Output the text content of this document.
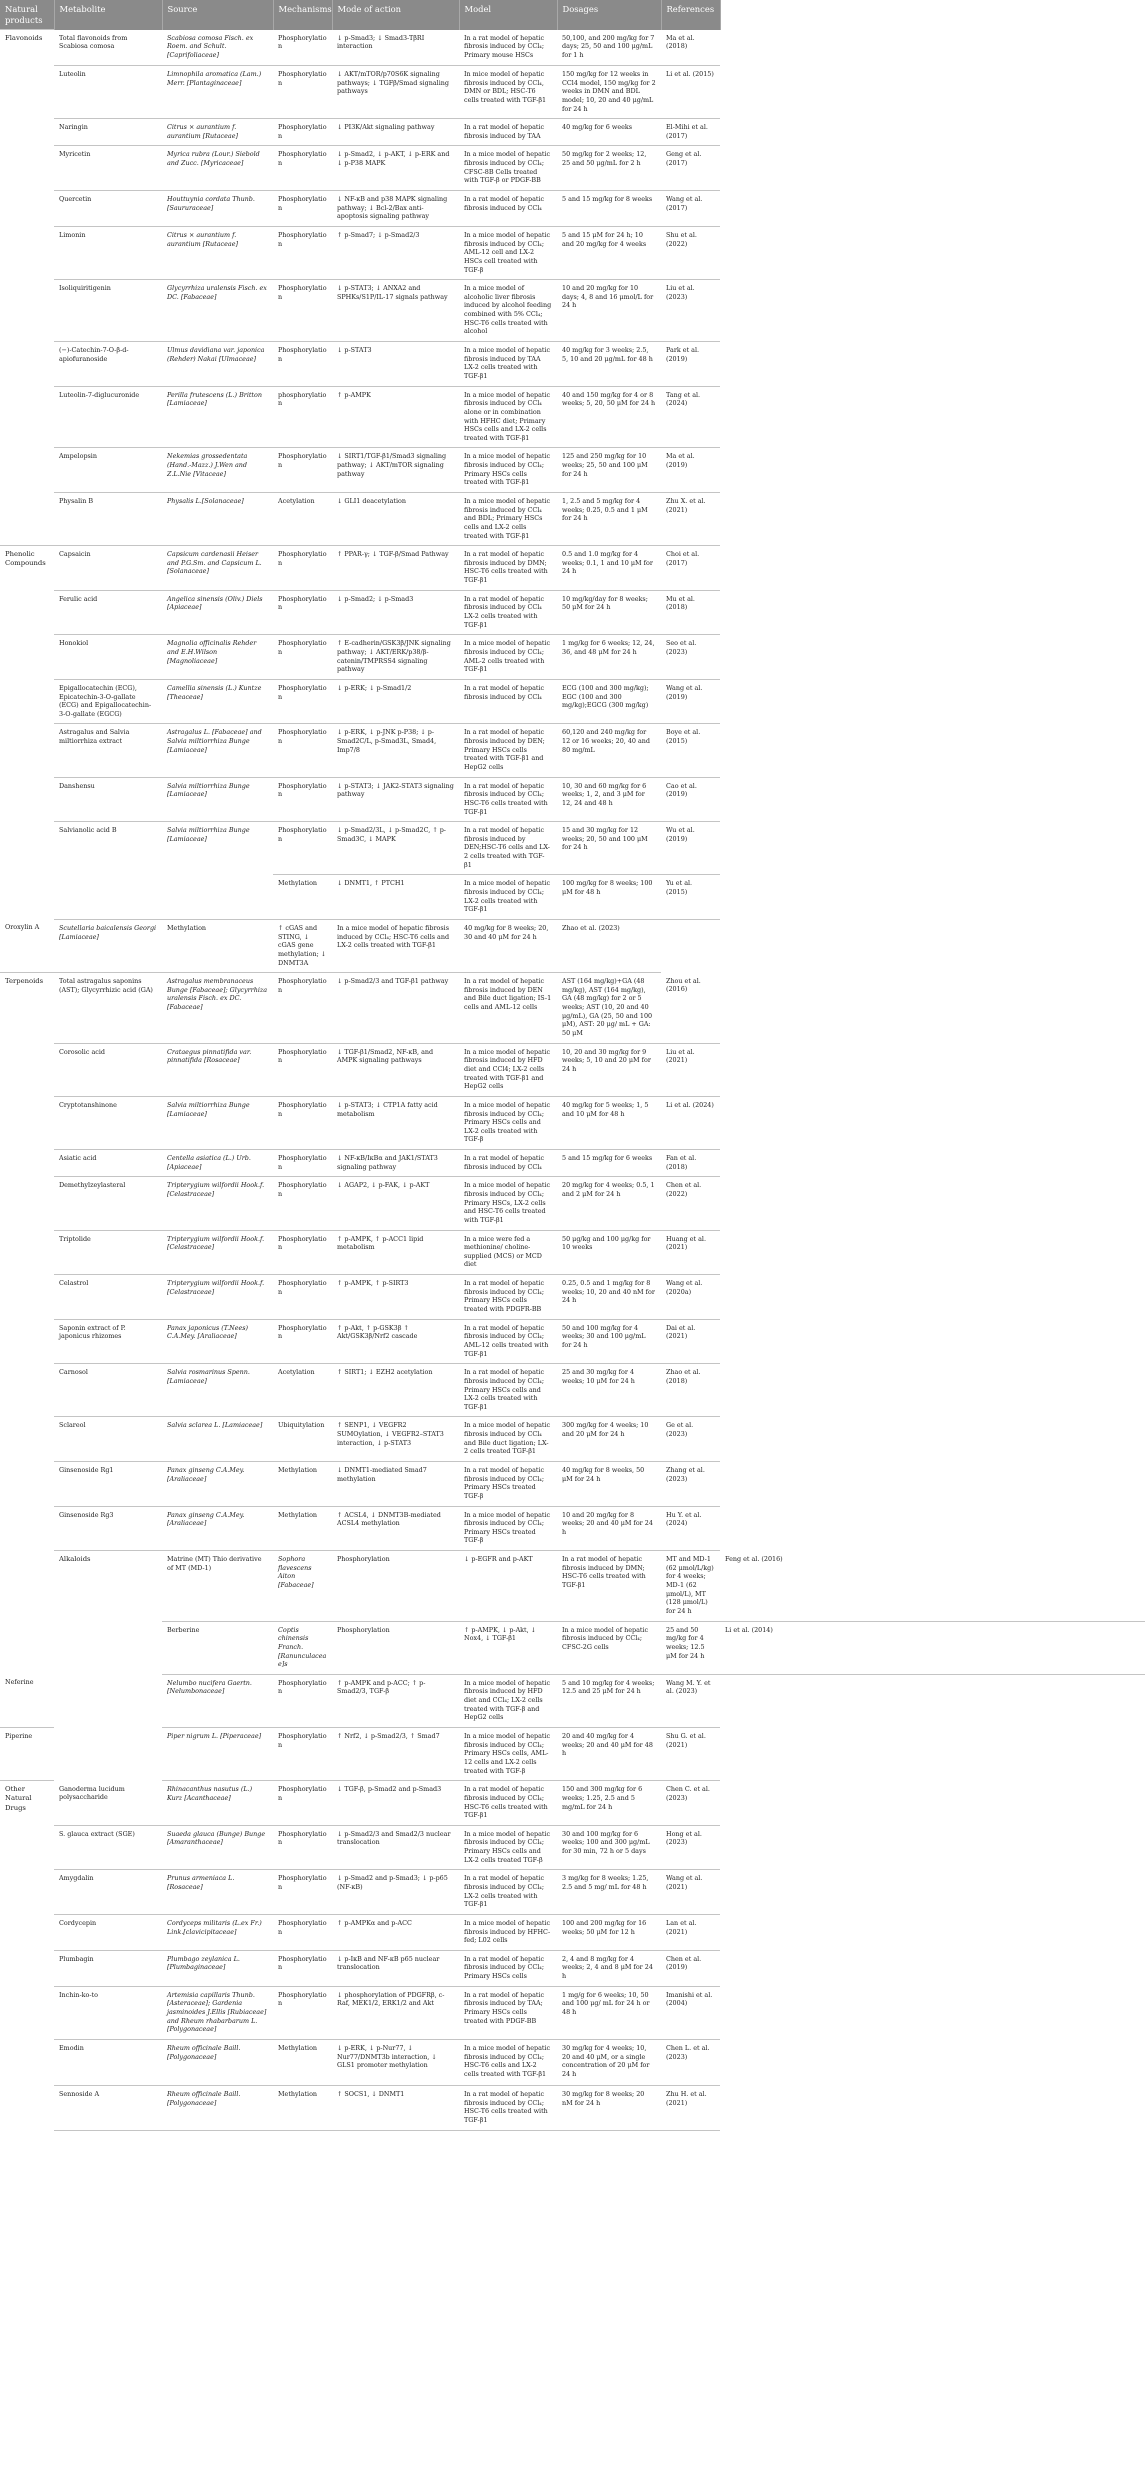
Natural products	Metabolite	Source	Mechanisms	Mode of action	Model	Dosages	References	
Flavonoids	Total flavonoids from Scabiosa comosa	Scabiosa comosa Fisch. ex Roem. and Schult. [Caprifoliaceae]	Phosphorylation	↓ p-Smad3; ↓ Smad3-TβRI interaction	In a rat model of hepatic fibrosis induced by CCl₄; Primary mouse HSCs	50,100, and 200 mg/kg for 7 days; 25, 50 and 100 μg/mL for 1 h	Ma et al. (2018)	
	Luteolin	Limnophila aromatica (Lam.) Merr. [Plantaginaceae]	Phosphorylation	↓ AKT/mTOR/p70S6K signaling pathways; ↓ TGFβ/Smad signaling pathways	In mice model of hepatic fibrosis induced by CCl₄, DMN or BDL; HSC-T6 cells treated with TGF-β1	150 mg/kg for 12 weeks in CCl4 model, 150 mg/kg for 2 weeks in DMN and BDL model; 10, 20 and 40 μg/mL for 24 h	Li et al. (2015)	
	Naringin	Citrus × aurantium f. aurantium [Rutaceae]	Phosphorylation	↓ PI3K/Akt signaling pathway	In a rat model of hepatic fibrosis induced by TAA	40 mg/kg for 6 weeks	El-Mihi et al. (2017)	
	Myricetin	Myrica rubra (Lour.) Siebold and Zucc. [Myricaceae]	Phosphorylation	↓ p-Smad2, ↓ p-AKT, ↓ p-ERK and ↓ p-P38 MAPK	In a mice model of hepatic fibrosis induced by CCl₄; CFSC-8B Cells treated with TGF-β or PDGF-BB	50 mg/kg for 2 weeks; 12, 25 and 50 μg/mL for 2 h	Geng et al. (2017)	
	Quercetin	Houttuynia cordata Thunb. [Saururaceae]	Phosphorylation	↓ NF-κB and p38 MAPK signaling pathway; ↓ Bcl-2/Bax anti-apoptosis signaling pathway	In a rat model of hepatic fibrosis induced by CCl₄	5 and 15 mg/kg for 8 weeks	Wang et al. (2017)	
	Limonin	Citrus × aurantium f. aurantium [Rutaceae]	Phosphorylation	↑ p-Smad7; ↓ p-Smad2/3	In a mice model of hepatic fibrosis induced by CCl₄; AML-12 cell and LX-2 HSCs cell treated with TGF-β	5 and 15 μM for 24 h; 10 and 20 mg/kg for 4 weeks	Shu et al. (2022)	
	Isoliquiritigenin	Glycyrrhiza uralensis Fisch. ex DC. [Fabaceae]	Phosphorylation	↓ p-STAT3; ↓ ANXA2 and SPHKs/S1P/IL-17 signals pathway	In a mice model of alcoholic liver fibrosis induced by alcohol feeding combined with 5% CCl₄; HSC-T6 cells treated with alcohol	10 and 20 mg/kg for 10 days; 4, 8 and 16 μmol/L for 24 h	Liu et al. (2023)	
	(−)-Catechin-7-O-β-d-apiofuranoside	Ulmus davidiana var. japonica (Rehder) Nakai [Ulmaceae]	Phosphorylation	↓ p-STAT3	In a mice model of hepatic fibrosis induced by TAA LX-2 cells treated with TGF-β1	40 mg/kg for 3 weeks; 2.5, 5, 10 and 20 μg/mL for 48 h	Park et al. (2019)	
	Luteolin-7-diglucuronide	Perilla frutescens (L.) Britton [Lamiaceae]	phosphorylation	↑ p-AMPK	In a mice model of hepatic fibrosis induced by CCl₄ alone or in combination with HFHC diet; Primary HSCs cells and LX-2 cells treated with TGF-β1	40 and 150 mg/kg for 4 or 8 weeks; 5, 20, 50 μM for 24 h	Tang et al. (2024)	
	Ampelopsin	Nekemias grossedentata (Hand.-Mazz.) J.Wen and Z.L.Nie [Vitaceae]	Phosphorylation	↓ SIRT1/TGF-β1/Smad3 signaling pathway; ↓ AKT/mTOR signaling pathway	In a mice model of hepatic fibrosis induced by CCl₄; Primary HSCs cells treated with TGF-β1	125 and 250 mg/kg for 10 weeks; 25, 50 and 100 μM for 24 h	Ma et al. (2019)	
	Physalin B	Physalis L.[Solanaceae]	Acetylation	↓ GLI1 deacetylation	In a mice model of hepatic fibrosis induced by CCl₄ and BDL; Primary HSCs cells and LX-2 cells treated with TGF-β1	1, 2.5 and 5 mg/kg for 4 weeks; 0.25, 0.5 and 1 μM for 24 h	Zhu X. et al. (2021)	
Phenolic Compounds	Capsaicin	Capsicum cardenasii Heiser and P.G.Sm. and Capsicum L. [Solanaceae]	Phosphorylation	↑ PPAR-γ; ↓ TGF-β/Smad Pathway	In a rat model of hepatic fibrosis induced by DMN; HSC-T6 cells treated with TGF-β1	0.5 and 1.0 mg/kg for 4 weeks; 0.1, 1 and 10 μM for 24 h	Choi et al. (2017)	
	Ferulic acid	Angelica sinensis (Oliv.) Diels [Apiaceae]	Phosphorylation	↓ p-Smad2; ↓ p-Smad3	In a rat model of hepatic fibrosis induced by CCl₄ LX-2 cells treated with TGF-β1	10 mg/kg/day for 8 weeks; 50 μM for 24 h	Mu et al. (2018)	
	Honokiol	Magnolia officinalis Rehder and E.H.Wilson [Magnoliaceae]	Phosphorylation	↑ E-cadherin/GSK3β/JNK signaling pathway; ↓ AKT/ERK/p38/β-catenin/TMPRSS4 signaling pathway	In a mice model of hepatic fibrosis induced by CCl₄; AML-2 cells treated with TGF-β1	1 mg/kg for 6 weeks; 12, 24, 36, and 48 μM for 24 h	Seo et al. (2023)	
	Epigallocatechin (ECG), Epicatechin-3-O-gallate (ECG) and Epigallocatechin-3-O-gallate (EGCG)	Camellia sinensis (L.) Kuntze [Theaceae]	Phosphorylation	↓ p-ERK; ↓ p-Smad1/2	In a rat model of hepatic fibrosis induced by CCl₄	ECG (100 and 300 mg/kg); EGC (100 and 300 mg/kg);EGCG (300 mg/kg)	Wang et al. (2019)	
	Astragalus and Salvia miltiorrhiza extract	Astragalus L. [Fabaceae] and Salvia miltiorrhiza Bunge [Lamiaceae]	Phosphorylation	↓ p-ERK, ↓ p-JNK p-P38; ↓ p-Smad2C/L, p-Smad3L, Smad4, Imp7/8	In a rat model of hepatic fibrosis induced by DEN; Primary HSCs cells treated with TGF-β1 and HepG2 cells	60,120 and 240 mg/kg for 12 or 16 weeks; 20, 40 and 80 mg/mL	Boye et al. (2015)	
	Danshensu	Salvia miltiorrhiza Bunge [Lamiaceae]	Phosphorylation	↓ p-STAT3; ↓ JAK2-STAT3 signaling pathway	In a rat model of hepatic fibrosis induced by CCl₄; HSC-T6 cells treated with TGF-β1	10, 30 and 60 mg/kg for 6 weeks; 1, 2, and 3 μM for 12, 24 and 48 h	Cao et al. (2019)	
	Salvianolic acid B	Salvia miltiorrhiza Bunge [Lamiaceae]	Phosphorylation	↓ p-Smad2/3L, ↓ p-Smad2C, ↑ p-Smad3C, ↓ MAPK	In a rat model of hepatic fibrosis induced by DEN;HSC-T6 cells and LX-2 cells treated with TGF-β1	15 and 30 mg/kg for 12 weeks; 20, 50 and 100 μM for 24 h	Wu et al. (2019)	
			Methylation	↓ DNMT1, ↑ PTCH1	In a mice model of hepatic fibrosis induced by CCl₄; LX-2 cells treated with TGF-β1	100 mg/kg for 8 weeks; 100 μM for 48 h	Yu et al. (2015)	
Oroxylin A	Scutellaria baicalensis Georgi [Lamiaceae]	Methylation	↑ cGAS and STING, ↓ cGAS gene methylation; ↓ DNMT3A	In a mice model of hepatic fibrosis induced by CCl₄; HSC-T6 cells and LX-2 cells treated with TGF-β1	40 mg/kg for 8 weeks; 20, 30 and 40 μM for 24 h	Zhao et al. (2023)		
Terpenoids	Total astragalus saponins (AST); Glycyrrhizic acid (GA)	Astragalus membranaceus Bunge [Fabaceae]; Glycyrrhiza uralensis Fisch. ex DC. [Fabaceae]	Phosphorylation	↓ p-Smad2/3 and TGF-β1 pathway	In a rat model of hepatic fibrosis induced by DEN and Bile duct ligation; IS-1 cells and AML-12 cells	AST (164 mg/kg)+GA (48 mg/kg), AST (164 mg/kg), GA (48 mg/kg) for 2 or 5 weeks; AST (10, 20 and 40 μg/mL), GA (25, 50 and 100 μM), AST: 20 μg/ mL + GA: 50 μM	Zhou et al. (2016)	
	Corosolic acid	Crataegus pinnatifida var. pinnatifida [Rosaceae]	Phosphorylation	↓ TGF-β1/Smad2, NF-κB, and AMPK signaling pathways	In a mice model of hepatic fibrosis induced by HFD diet and CCl4; LX-2 cells treated with TGF-β1 and HepG2 cells	10, 20 and 30 mg/kg for 9 weeks; 5, 10 and 20 μM for 24 h	Liu et al. (2021)	
	Cryptotanshinone	Salvia miltiorrhiza Bunge [Lamiaceae]	Phosphorylation	↓ p-STAT3; ↓ CTP1A fatty acid metabolism	In a mice model of hepatic fibrosis induced by CCl₄; Primary HSCs cells and LX-2 cells treated with TGF-β	40 mg/kg for 5 weeks; 1, 5 and 10 μM for 48 h	Li et al. (2024)	
	Asiatic acid	Centella asiatica (L.) Urb. [Apiaceae]	Phosphorylation	↓ NF-κB/IκBα and JAK1/STAT3 signaling pathway	In a rat model of hepatic fibrosis induced by CCl₄	5 and 15 mg/kg for 6 weeks	Fan et al. (2018)	
	Demethylzeylasteral	Tripterygium wilfordii Hook.f. [Celastraceae]	Phosphorylation	↓ AGAP2, ↓ p-FAK, ↓ p-AKT	In a mice model of hepatic fibrosis induced by CCl₄; Primary HSCs, LX-2 cells and HSC-T6 cells treated with TGF-β1	20 mg/kg for 4 weeks; 0.5, 1 and 2 μM for 24 h	Chen et al. (2022)	
	Triptolide	Tripterygium wilfordii Hook.f. [Celastraceae]	Phosphorylation	↑ p-AMPK, ↑ p-ACC1 lipid metabolism	In a mice were fed a methionine/ choline-supplied (MCS) or MCD diet	50 μg/kg and 100 μg/kg for 10 weeks	Huang et al. (2021)	
	Celastrol	Tripterygium wilfordii Hook.f. [Celastraceae]	Phosphorylation	↑ p-AMPK, ↑ p-SIRT3	In a rat model of hepatic fibrosis induced by CCl₄; Primary HSCs cells treated with PDGFR-BB	0.25, 0.5 and 1 mg/kg for 8 weeks; 10, 20 and 40 nM for 24 h	Wang et al. (2020a)	
	Saponin extract of P. japonicus rhizomes	Panax japonicus (T.Nees) C.A.Mey. [Araliaceae]	Phosphorylation	↑ p-Akt, ↑ p-GSK3β ↑ Akt/GSK3β/Nrf2 cascade	In a rat model of hepatic fibrosis induced by CCl₄; AML-12 cells treated with TGF-β1	50 and 100 mg/kg for 4 weeks; 30 and 100 μg/mL for 24 h	Dai et al. (2021)	
	Carnosol	Salvia rosmarinus Spenn. [Lamiaceae]	Acetylation	↑ SIRT1; ↓ EZH2 acetylation	In a rat model of hepatic fibrosis induced by CCl₄; Primary HSCs cells and LX-2 cells treated with TGF-β1	25 and 30 mg/kg for 4 weeks; 10 μM for 24 h	Zhao et al. (2018)	
	Sclareol	Salvia sclarea L. [Lamiaceae]	Ubiquitylation	↑ SENP1, ↓ VEGFR2 SUMOylation, ↓ VEGFR2–STAT3 interaction, ↓ p-STAT3	In a mice model of hepatic fibrosis induced by CCl₄ and Bile duct ligation; LX-2 cells treated TGF-β1	300 mg/kg for 4 weeks; 10 and 20 μM for 24 h	Ge et al. (2023)	
	Ginsenoside Rg1	Panax ginseng C.A.Mey. [Araliaceae]	Methylation	↓ DNMT1-mediated Smad7 methylation	In a rat model of hepatic fibrosis induced by CCl₄; Primary HSCs treated TGF-β	40 mg/kg for 8 weeks, 50 μM for 24 h	Zhang et al. (2023)	
	Ginsenoside Rg3	Panax ginseng C.A.Mey. [Araliaceae]	Methylation	↑ ACSL4, ↓ DNMT3B-mediated ACSL4 methylation	In a mice model of hepatic fibrosis induced by CCl₄; Primary HSCs treated TGF-β	10 and 20 mg/kg for 8 weeks; 20 and 40 μM for 24 h	Hu Y. et al. (2024)	
	Alkaloids	Matrine (MT) Thio derivative of MT (MD-1)	Sophora flavescens Aiton [Fabaceae]	Phosphorylation	↓ p-EGFR and p-AKT	In a rat model of hepatic fibrosis induced by DMN; HSC-T6 cells treated with TGF-β1	MT and MD-1 (62 μmol/L/kg) for 4 weeks; MD-1 (62 μmol/L), MT (128 μmol/L) for 24 h	Feng et al. (2016)
		Berberine	Coptis chinensis Franch. [Ranunculaceae]s	Phosphorylation	↑ p-AMPK, ↓ p-Akt, ↓ Nox4, ↓ TGF-β1	In a mice model of hepatic fibrosis induced by CCl₄; CFSC-2G cells	25 and 50 mg/kg for 4 weeks; 12.5 μM for 24 h	Li et al. (2014)
Neferine		Nelumbo nucifera Gaertn. [Nelumbonaceae]	Phosphorylation	↑ p-AMPK and p-ACC; ↑ p-Smad2/3, TGF-β	In a mice model of hepatic fibrosis induced by HFD diet and CCl₄; LX-2 cells treated with TGF-β and HepG2 cells	5 and 10 mg/kg for 4 weeks; 12.5 and 25 μM for 24 h	Wang M. Y. et al. (2023)	
Piperine		Piper nigrum L. [Piperaceae]	Phosphorylation	↑ Nrf2, ↓ p-Smad2/3, ↑ Smad7	In a mice model of hepatic fibrosis induced by CCl₄; Primary HSCs cells, AML-12 cells and LX-2 cells treated with TGF-β	20 and 40 mg/kg for 4 weeks; 20 and 40 μM for 48 h	Shu G. et al. (2021)	
Other Natural Drugs	Ganoderma lucidum polysaccharide	Rhinacanthus nasutus (L.) Kurz [Acanthaceae]	Phosphorylation	↓ TGF-β, p-Smad2 and p-Smad3	In a rat model of hepatic fibrosis induced by CCl₄; HSC-T6 cells treated with TGF-β1	150 and 300 mg/kg for 6 weeks; 1.25, 2.5 and 5 mg/mL for 24 h	Chen C. et al. (2023)	
	S. glauca extract (SGE)	Suaeda glauca (Bunge) Bunge [Amaranthaceae]	Phosphorylation	↓ p-Smad2/3 and Smad2/3 nuclear translocation	In a mice model of hepatic fibrosis induced by CCl₄; Primary HSCs cells and LX-2 cells treated TGF-β	30 and 100 mg/kg for 6 weeks; 100 and 300 μg/mL for 30 min, 72 h or 5 days	Hong et al. (2023)	
	Amygdalin	Prunus armeniaca L. [Rosaceae]	Phosphorylation	↓ p-Smad2 and p-Smad3; ↓ p-p65 (NF-κB)	In a rat model of hepatic fibrosis induced by CCl₄; LX-2 cells treated with TGF-β1	3 mg/kg for 8 weeks; 1.25, 2.5 and 5 mg/ mL for 48 h	Wang et al. (2021)	
	Cordycepin	Cordyceps militaris (L.ex Fr.) Link.[clavicipitaceae]	Phosphorylation	↑ p-AMPKα and p-ACC	In a mice model of hepatic fibrosis induced by HFHC-fed; L02 cells	100 and 200 mg/kg for 16 weeks; 50 μM for 12 h	Lan et al. (2021)	
	Plumbagin	Plumbago zeylanica L. [Plumbaginaceae]	Phosphorylation	↓ p-IκB and NF-κB p65 nuclear translocation	In a rat model of hepatic fibrosis induced by CCl₄; Primary HSCs cells	2, 4 and 8 mg/kg for 4 weeks; 2, 4 and 8 μM for 24 h	Chen et al. (2019)	
	Inchin-ko-to	Artemisia capillaris Thunb. [Asteraceae]; Gardenia jasminoides J.Ellis [Rubiaceae] and Rheum rhabarbarum L. [Polygonaceae]	Phosphorylation	↓ phosphorylation of PDGFRβ, c-Raf, MEK1/2, ERK1/2 and Akt	In a rat model of hepatic fibrosis induced by TAA; Primary HSCs cells treated with PDGF-BB	1 mg/g for 6 weeks; 10, 50 and 100 μg/ mL for 24 h or 48 h	Imanishi et al. (2004)	
	Emodin	Rheum officinale Baill. [Polygonaceae]	Methylation	↓ p-ERK, ↓ p-Nur77, ↓ Nur77/DNMT3b interaction, ↓ GLS1 promoter methylation	In a mice model of hepatic fibrosis induced by CCl₄; HSC-T6 cells and LX-2 cells treated with TGF-β1	30 mg/kg for 4 weeks; 10, 20 and 40 μM, or a single concentration of 20 μM for 24 h	Chen L. et al. (2023)	
	Sennoside A	Rheum officinale Baill. [Polygonaceae]	Methylation	↑ SOCS1, ↓ DNMT1	In a rat model of hepatic fibrosis induced by CCl₄; HSC-T6 cells treated with TGF-β1	30 mg/kg for 8 weeks; 20 nM for 24 h	Zhu H. et al. (2021)	
